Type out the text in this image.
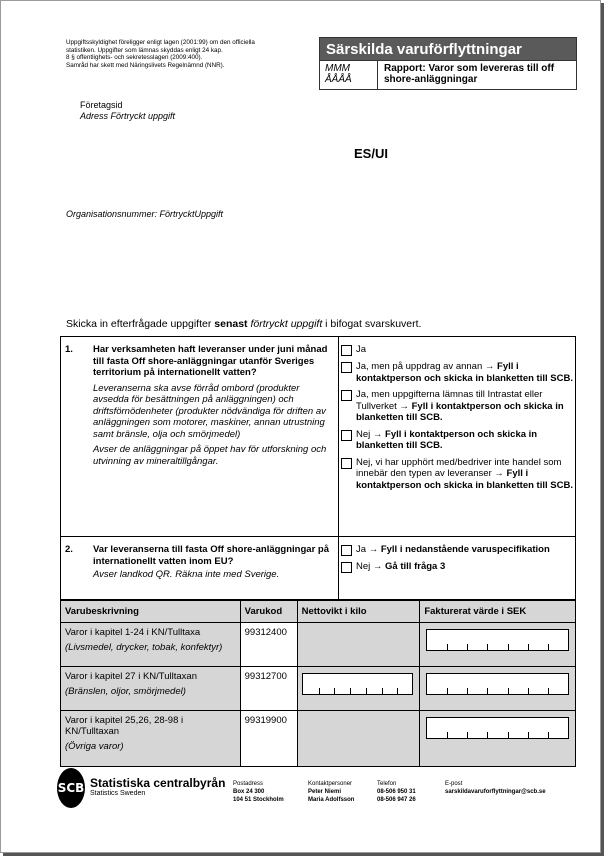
Uppgiftsskyldighet föreligger enligt lagen (2001:99) om den officiella
statistiken. Uppgifter som lämnas skyddas enligt 24 kap.
8 § offentlighets- och sekretesslagen (2009:400).
Samråd har skett med Näringslivets Regelnämnd (NNR).
Särskilda varuförflyttningar
MMM
ÅÅÅÅ
Rapport: Varor som levereras till off shore-anläggningar
Företagsid
Adress Förtryckt uppgift
ES/UI
Organisationsnummer: FörtrycktUppgift
Skicka in efterfrågade uppgifter senast förtryckt uppgift i bifogat svarskuvert.
1.	Har verksamheten haft leveranser under juni månad till fasta Off shore-anläggningar utanför Sveriges territorium på internationellt vatten?
Leveranserna ska avse förråd ombord (produkter avsedda för besättningen på anläggningen) och driftsförnödenheter (produkter nödvändiga för driften av anläggningen som motorer, maskiner, annan utrustning samt bränsle, olja och smörjmedel)
Avser de anläggningar på öppet hav för utforskning och utvinning av mineraltillgångar.
Ja
Ja, men på uppdrag av annan → Fyll i kontaktperson och skicka in blanketten till SCB.
Ja, men uppgifterna lämnas till Intrastat eller Tullverket → Fyll i kontaktperson och skicka in blanketten till SCB.
Nej → Fyll i kontaktperson och skicka in blanketten till SCB.
Nej, vi har upphört med/bedriver inte handel som innebär den typen av leveranser → Fyll i kontaktperson och skicka in blanketten till SCB.
2.	Var leveranserna till fasta Off shore-anläggningar på internationellt vatten inom EU?
Avser landkod QR. Räkna inte med Sverige.
Ja → Fyll i nedanstående varuspecifikation
Nej → Gå till fråga 3
Varubeskrivning	Varukod	Nettovikt i kilo	Fakturerat värde i SEK

Varor i kapitel 1-24 i KN/Tulltaxa
(Livsmedel, drycker, tobak, konfektyr)	99312400		

Varor i kapitel 27 i KN/Tulltaxan
(Bränslen, oljor, smörjmedel)	99312700	

Varor i kapitel 25,26, 28-98 i KN/Tulltaxan
(Övriga varor)	99319900		
SCB Statistiska centralbyrån
Statistics Sweden
Postadress
Box 24 300
104 51 Stockholm
Kontaktpersoner
Peter Niemi
Maria Adolfsson
Telefon
08-506 950 31
08-506 947 26
E-post
sarskildavaruforflyttningar@scb.se
